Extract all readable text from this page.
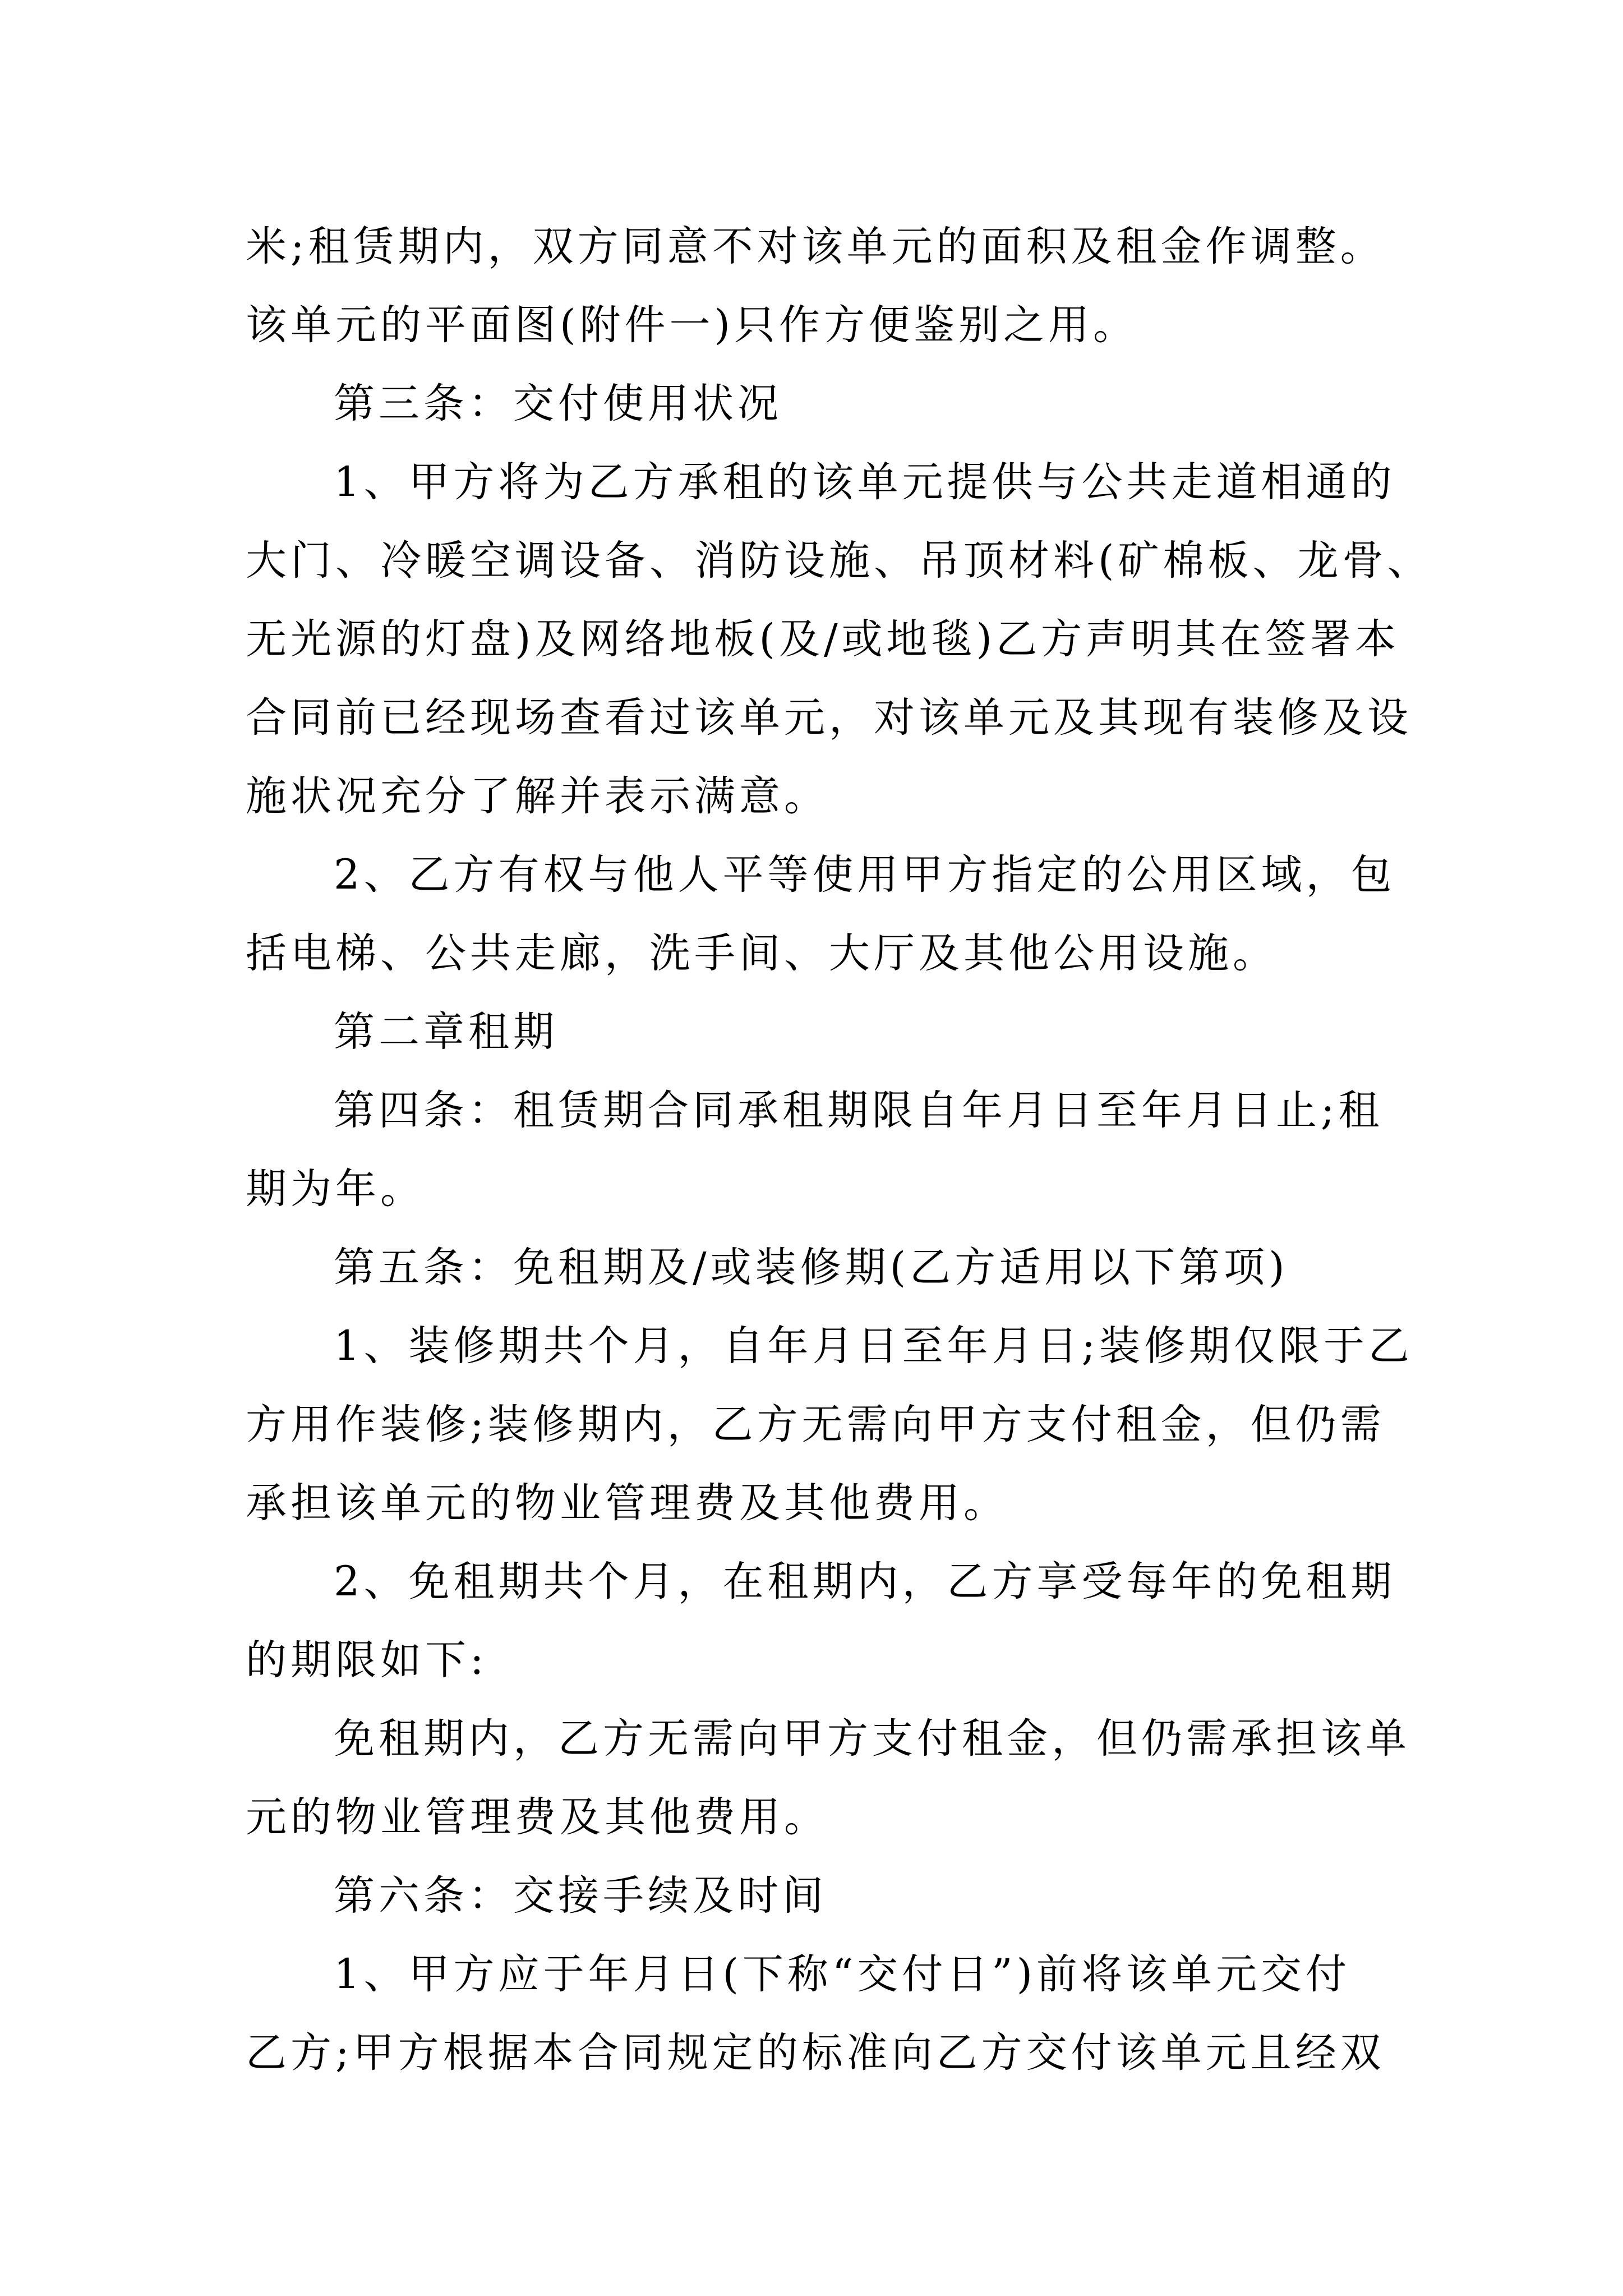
米;租赁期内，双方同意不对该单元的面积及租金作调整。
该单元的平面图(附件一)只作方便鉴别之用。
第三条：交付使用状况
1、甲方将为乙方承租的该单元提供与公共走道相通的
大门、冷暖空调设备、消防设施、吊顶材料(矿棉板、龙骨、
无光源的灯盘)及网络地板(及/或地毯)乙方声明其在签署本
合同前已经现场查看过该单元，对该单元及其现有装修及设
施状况充分了解并表示满意。
2、乙方有权与他人平等使用甲方指定的公用区域，包
括电梯、公共走廊，洗手间、大厅及其他公用设施。
第二章租期
第四条：租赁期合同承租期限自年月日至年月日止;租
期为年。
第五条：免租期及/或装修期(乙方适用以下第项)
1、装修期共个月，自年月日至年月日;装修期仅限于乙
方用作装修;装修期内，乙方无需向甲方支付租金，但仍需
承担该单元的物业管理费及其他费用。
2、免租期共个月，在租期内，乙方享受每年的免租期
的期限如下:
免租期内，乙方无需向甲方支付租金，但仍需承担该单
元的物业管理费及其他费用。
第六条：交接手续及时间
1、甲方应于年月日(下称“交付日”)前将该单元交付
乙方;甲方根据本合同规定的标准向乙方交付该单元且经双
